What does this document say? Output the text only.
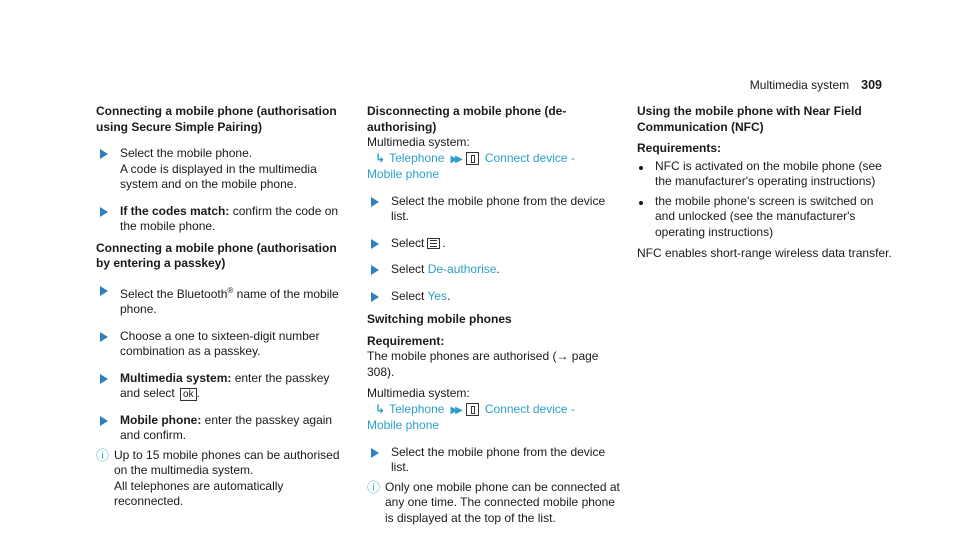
Multimedia system 309

Connecting a mobile phone (authorisation using Secure Simple Pairing)

Select the mobile phone.
A code is displayed in the multimedia system and on the mobile phone.
If the codes match: confirm the code on the mobile phone.

Connecting a mobile phone (authorisation by entering a passkey)

Select the Bluetooth® name of the mobile phone.
Choose a one to sixteen-digit number combination as a passkey.
Multimedia system: enter the passkey and select ok .
Mobile phone: enter the passkey again and confirm.
ⓘ Up to 15 mobile phones can be authorised on the multimedia system.
All telephones are automatically reconnected.

Disconnecting a mobile phone (de-authorising)

Multimedia system:

↳ Telephone ▶▶ Connect device -
Mobile phone
Select the mobile phone from the device list.
Select .
Select De-authorise.
Select Yes.

Switching mobile phones

Requirement:

The mobile phones are authorised (→ page 308).

Multimedia system:

↳ Telephone ▶▶ Connect device -
Mobile phone
Select the mobile phone from the device list.
ⓘ Only one mobile phone can be connected at any one time. The connected mobile phone is displayed at the top of the list.

Using the mobile phone with Near Field Communication (NFC)

Requirements:

NFC is activated on the mobile phone (see the manufacturer's operating instructions)
the mobile phone's screen is switched on and unlocked (see the manufacturer's operating instructions)

NFC enables short-range wireless data transfer.
